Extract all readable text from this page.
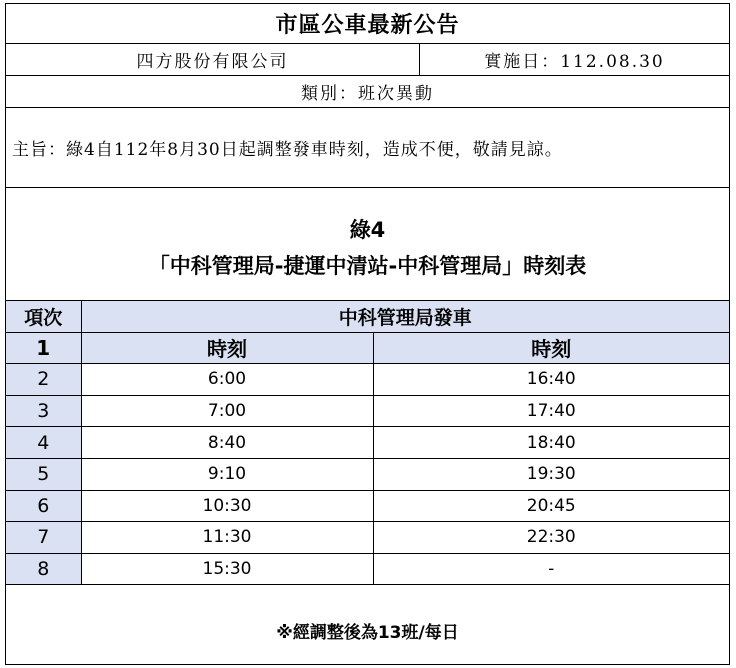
市區公車最新公告
四方股份有限公司	實施日：112.08.30
類別：班次異動
主旨：綠4自112年8月30日起調整發車時刻，造成不便，敬請見諒。
綠4
「中科管理局-捷運中清站-中科管理局」時刻表
項次	中科管理局發車	
1	時刻	時刻
2	6:00	16:40
3	7:00	17:40
4	8:40	18:40
5	9:10	19:30
6	10:30	20:45
7	11:30	22:30
8	15:30	-
※經調整後為13班/每日
